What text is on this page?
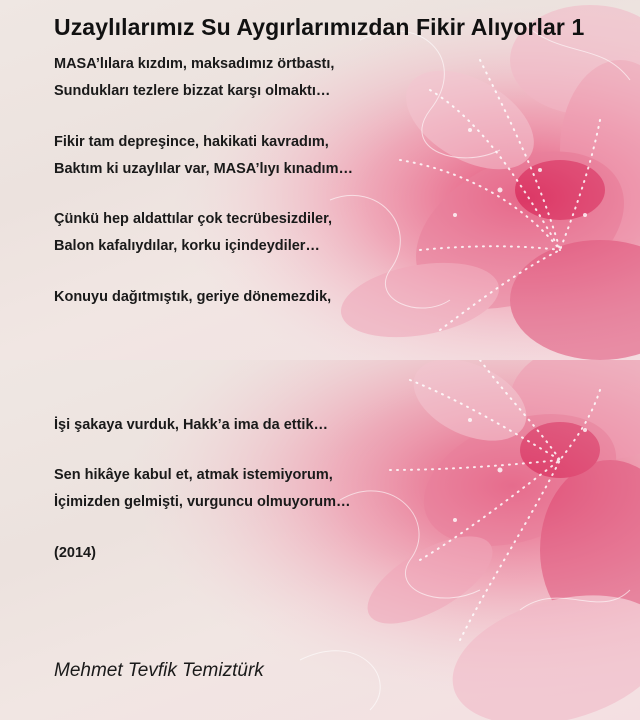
Uzaylılarımız Su Aygırlarımızdan Fikir Alıyorlar 1

MASA’lılara kızdım, maksadımız örtbastı,

Sundukları tezlere bizzat karşı olmaktı…

Fikir tam depreşince, hakikati kavradım,

Baktım ki uzaylılar var, MASA’lıyı kınadım…

Çünkü hep aldattılar çok tecrübesizdiler,

Balon kafalıydılar, korku içindeydiler…

Konuyu dağıtmıştık, geriye dönemezdik,

İşi şakaya vurduk, Hakk’a ima da ettik…

Sen hikâye kabul et, atmak istemiyorum,

İçimizden gelmişti, vurguncu olmuyorum…

(2014)

Mehmet Tevfik Temiztürk
